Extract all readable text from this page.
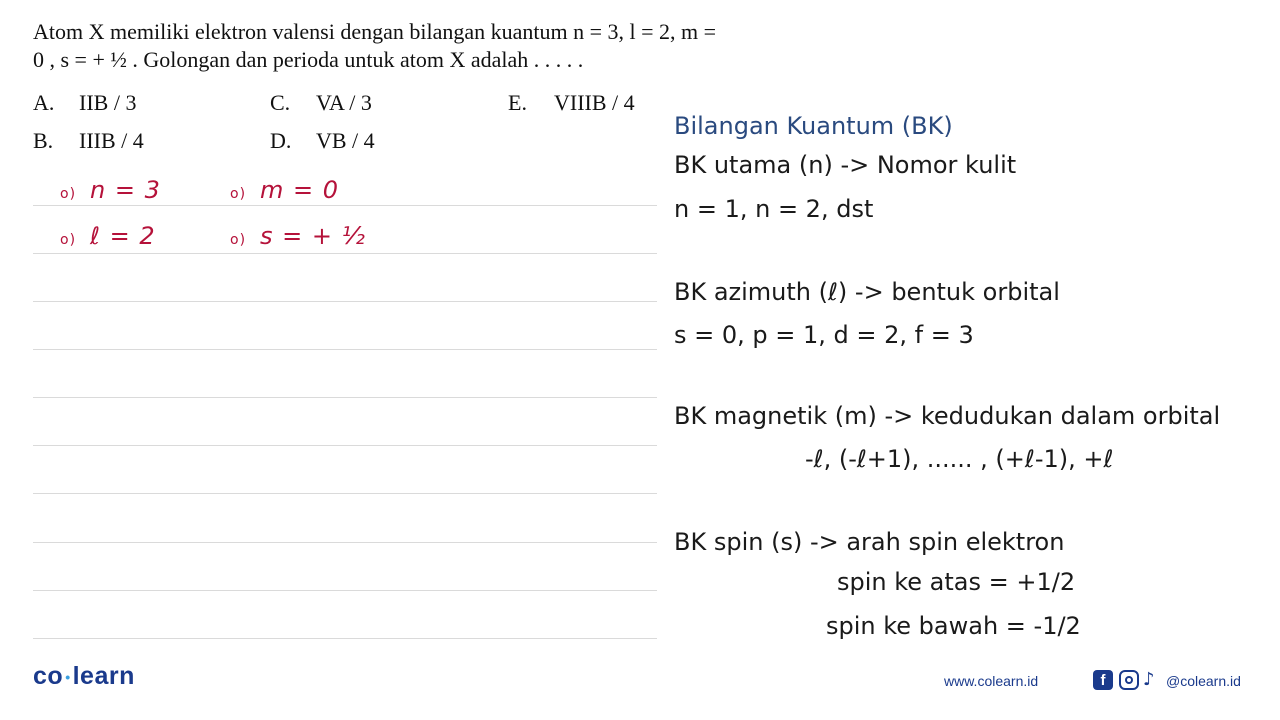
Atom X memiliki elektron valensi dengan bilangan kuantum n = 3, l = 2, m =
0 , s = + ½ . Golongan dan perioda untuk atom X adalah . . . . .
A. IIB / 3
B. IIIB / 4
C. VA / 3
D. VB / 4
E. VIIIB / 4
o) n = 3	o) m = 0
o) ℓ = 2	o) s = + ½
Bilangan Kuantum (BK)
BK utama (n) -> Nomor kulit
n = 1, n = 2, dst
BK azimuth (ℓ) -> bentuk orbital
s = 0, p = 1, d = 2, f = 3
BK magnetik (m) -> kedudukan dalam orbital
-ℓ, (-ℓ+1), ...... , (+ℓ-1), +ℓ
BK spin (s) -> arah spin elektron
spin ke atas = +1/2
spin ke bawah = -1/2
co •learn	www.colearn.id	f	♪ @colearn.id
